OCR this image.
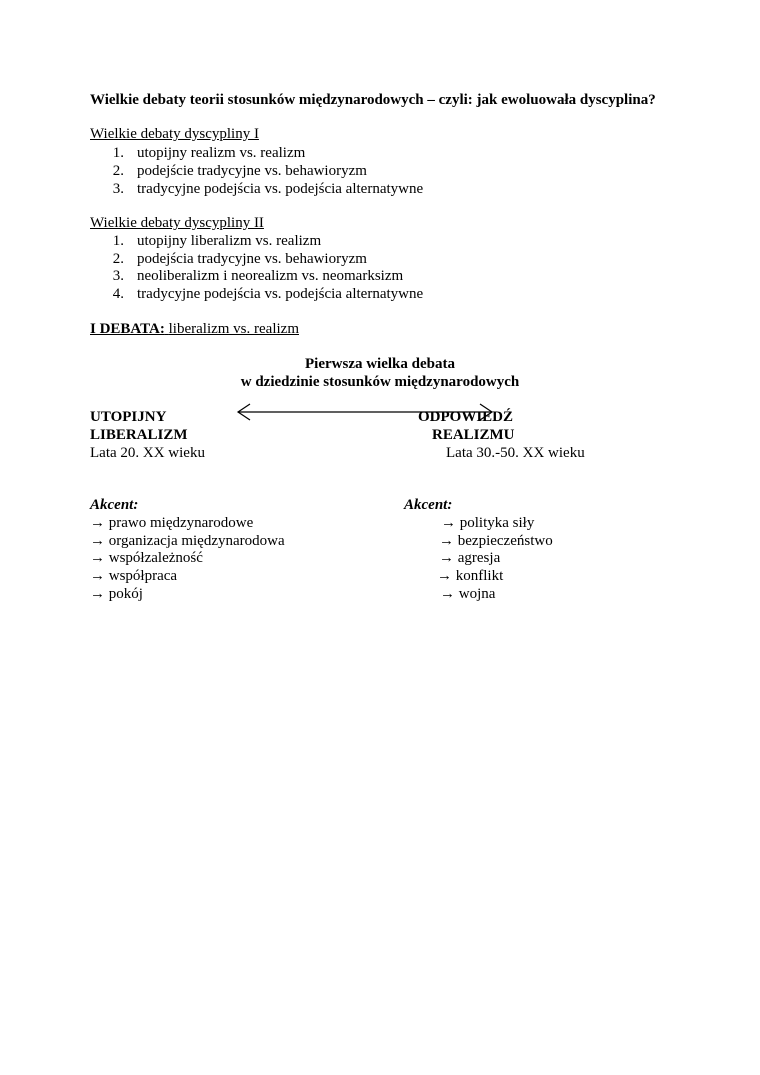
Wielkie debaty teorii stosunków międzynarodowych – czyli: jak ewoluowała dyscyplina?
Wielkie debaty dyscypliny I
1. utopijny realizm vs. realizm
2. podejście tradycyjne vs. behawioryzm
3. tradycyjne podejścia vs. podejścia alternatywne
Wielkie debaty dyscypliny II
1. utopijny liberalizm vs. realizm
2. podejścia tradycyjne vs. behawioryzm
3. neoliberalizm i neorealizm vs. neomarksizm
4. tradycyjne podejścia vs. podejścia alternatywne
I DEBATA: liberalizm vs. realizm
Pierwsza wielka debata
w dziedzinie stosunków międzynarodowych
UTOPIJNY
LIBERALIZM
Lata 20. XX wieku
Akcent:
→ prawo międzynarodowe
→ organizacja międzynarodowa
→ współzależność
→ współpraca
→ pokój
ODPOWIEDŹ
REALIZMU
Lata 30.-50. XX wieku
Akcent:
→ polityka siły
→ bezpieczeństwo
→ agresja
→ konflikt
→ wojna
